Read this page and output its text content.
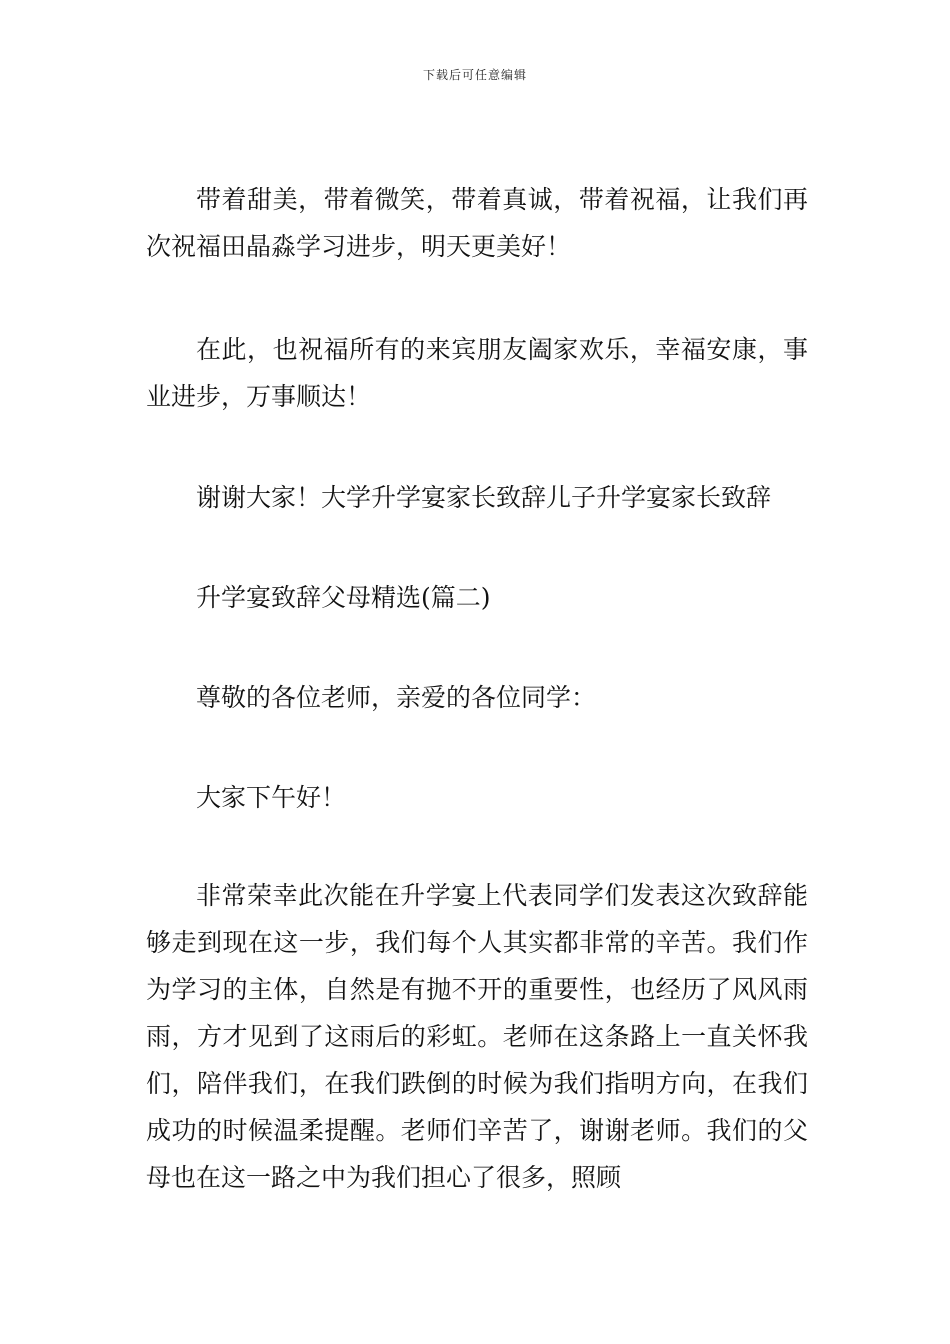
下载后可任意编辑

带着甜美，带着微笑，带着真诚，带着祝福，让我们再次祝福田晶淼学习进步，明天更美好！

在此，也祝福所有的来宾朋友阖家欢乐，幸福安康，事业进步，万事顺达！

谢谢大家！大学升学宴家长致辞儿子升学宴家长致辞

升学宴致辞父母精选(篇二)

尊敬的各位老师，亲爱的各位同学：

大家下午好！

非常荣幸此次能在升学宴上代表同学们发表这次致辞能够走到现在这一步，我们每个人其实都非常的辛苦。我们作为学习的主体，自然是有抛不开的重要性，也经历了风风雨雨，方才见到了这雨后的彩虹。老师在这条路上一直关怀我们，陪伴我们，在我们跌倒的时候为我们指明方向，在我们成功的时候温柔提醒。老师们辛苦了，谢谢老师。我们的父母也在这一路之中为我们担心了很多，照顾
